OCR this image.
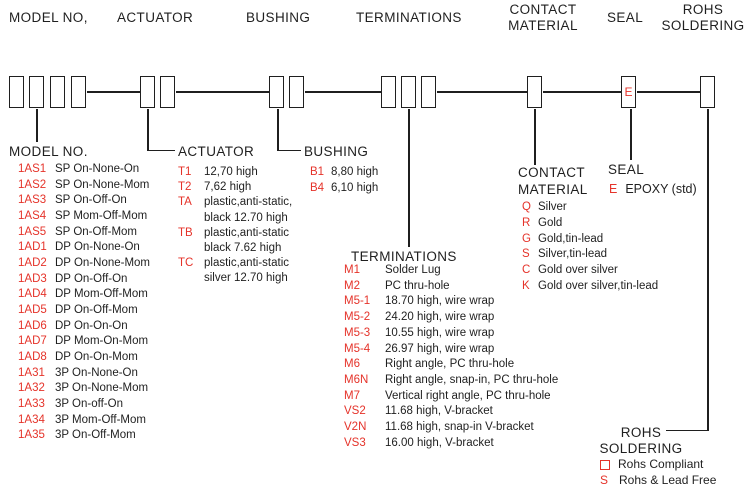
MODEL NO, ACTUATOR	BUSHING	TERMINATIONS
CONTACT
MATERIAL
SEAL
ROHS
SOLDERING
E
MODEL NO.
1AS1 SP On-None-On
1AS2 SP On-None-Mom
1AS3 SP On-Off-On
1AS4 SP Mom-Off-Mom
1AS5 SP On-Off-Mom
1AD1 DP On-None-On
1AD2 DP On-None-Mom
1AD3 DP On-Off-On
1AD4 DP Mom-Off-Mom
1AD5 DP On-Off-Mom
1AD6 DP On-On-On
1AD7 DP Mom-On-Mom
1AD8 DP On-On-Mom
1A31 3P On-None-On
1A32 3P On-None-Mom
1A33 3P On-off-On
1A34 3P Mom-Off-Mom
1A35 3P On-Off-Mom
ACTUATOR
T1	12,70 high
T2	7,62 high
TA	plastic,anti-static,
black 12.70 high
TB plastic,anti-static
black 7.62 high
TC plastic,anti-static
silver 12.70 high
BUSHING
B1 8,80 high
B4 6,10 high
TERMINATIONS
M1	Solder Lug
M2	PC thru-hole
M5-1	18.70 high, wire wrap
M5-2	24.20 high, wire wrap
M5-3	10.55 high, wire wrap
M5-4	26.97 high, wire wrap
M6	Right angle, PC thru-hole
M6N	Right angle, snap-in, PC thru-hole
M7	Vertical right angle, PC thru-hole
VS2	11.68 high, V-bracket
V2N	11.68 high, snap-in V-bracket
VS3	16.00 high, V-bracket
CONTACT
MATERIAL
Q Silver
R Gold
G Gold,tin-lead
S Silver,tin-lead
C Gold over silver
K Gold over silver,tin-lead
SEAL
E EPOXY (std)
ROHS
SOLDERING
Rohs Compliant
S Rohs & Lead Free
